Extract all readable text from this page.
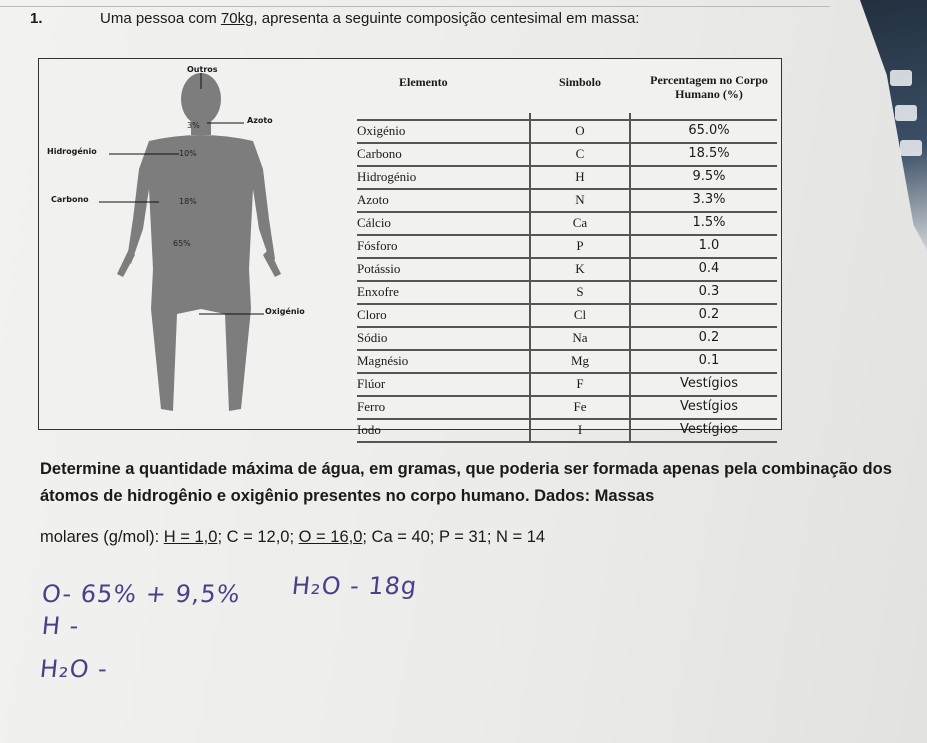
1.	Uma pessoa com 70kg, apresenta a seguinte composição centesimal em massa:
Outros
Azoto
Hidrogénio
Carbono
Oxigénio
3%
10%
18%
65%
Elemento	Simbolo	Percentagem no Corpo Humano (%)
Oxigénio	O	65.0%
Carbono	C	18.5%
Hidrogénio	H	9.5%
Azoto	N	3.3%
Cálcio	Ca	1.5%
Fósforo	P	1.0
Potássio	K	0.4
Enxofre	S	0.3
Cloro	Cl	0.2
Sódio	Na	0.2
Magnésio	Mg	0.1
Flúor	F	Vestígios
Ferro	Fe	Vestígios
Iodo	I	Vestígios
Determine a quantidade máxima de água, em gramas, que poderia ser formada apenas pela combinação dos átomos de hidrogênio e oxigênio presentes no corpo humano. Dados: Massas
molares (g/mol): H = 1,0; C = 12,0; O = 16,0; Ca = 40; P = 31; N = 14
O- 65% + 9,5% H₂O - 18g
H -
H₂O -
